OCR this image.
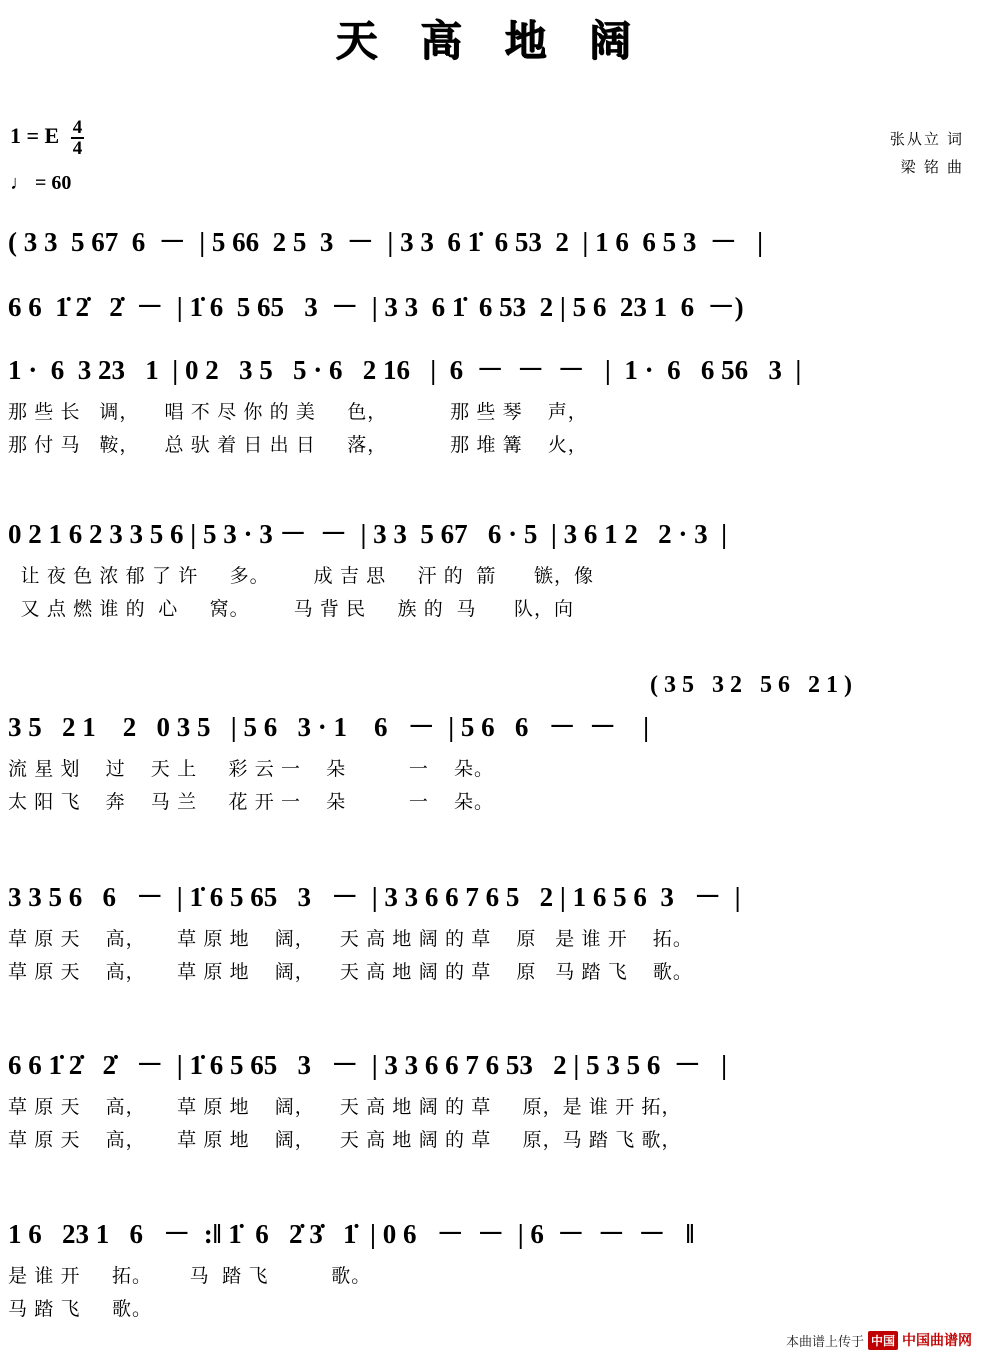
天 高 地 阔
1 = E $\frac{4}{4}$
♩ = 60
张从立 词
梁 铭 曲
( 3 3  5 67  6  －  | 5 66  2 5  3  －  | 3 3  6 1̇  6 53  2  | 1 6  6 5 3  －   |
6 6  1̇ 2̇   2̇  －  | 1̇ 6  5 65   3  －  | 3 3  6 1̇  6 53  2 | 5 6  23 1  6  －)
1 ·  6  3 23   1  | 0 2   3 5   5 · 6   2 16   |  6  －  －  －   |  1 ·  6   6 56   3  |
那 些 长   调，    唱 不 尽 你 的 美     色，          那 些 琴    声，
那 付 马   鞍，    总 驮 着 日 出 日     落，          那 堆 篝    火，
0 2 1 6 2 3 3 5 6 | 5 3 · 3 －  －  | 3 3  5 67   6 · 5  | 3 6 1 2   2 · 3  |
让 夜 色 浓 郁 了 许     多。       成 吉 思     汗 的  箭      镞，像
又 点 燃 谁 的  心     窝。       马 背 民     族 的  马      队，向
( 3 5   3 2   5 6   2 1 )
3 5   2 1    2   0 3 5   | 5 6   3 · 1    6   －  | 5 6   6   －  －    |
流 星 划    过    天 上     彩 云 一    朵          一    朵。
太 阳 飞    奔    马 兰     花 开 一    朵          一    朵。
3 3 5 6   6   －  | 1̇ 6 5 65   3   －  | 3 3 6 6 7 6 5   2 | 1 6 5 6  3   －  |
草 原 天    高，     草 原 地    阔，    天 高 地 阔 的 草    原   是 谁 开    拓。
草 原 天    高，     草 原 地    阔，    天 高 地 阔 的 草    原   马 踏 飞    歌。
6 6 1̇ 2̇   2̇   －  | 1̇ 6 5 65   3   －  | 3 3 6 6 7 6 53   2 | 5 3 5 6  －   |
草 原 天    高，     草 原 地    阔，    天 高 地 阔 的 草     原，是 谁 开 拓，
草 原 天    高，     草 原 地    阔，    天 高 地 阔 的 草     原，马 踏 飞 歌，
1 6   23 1   6   －  :‖ 1̇  6   2̇ 3̇   1̇  | 0 6   －  －  | 6  －  －  －   ‖
是 谁 开     拓。      马  踏 飞          歌。
马 踏 飞     歌。
本曲谱上传于 中国 中国曲谱网
